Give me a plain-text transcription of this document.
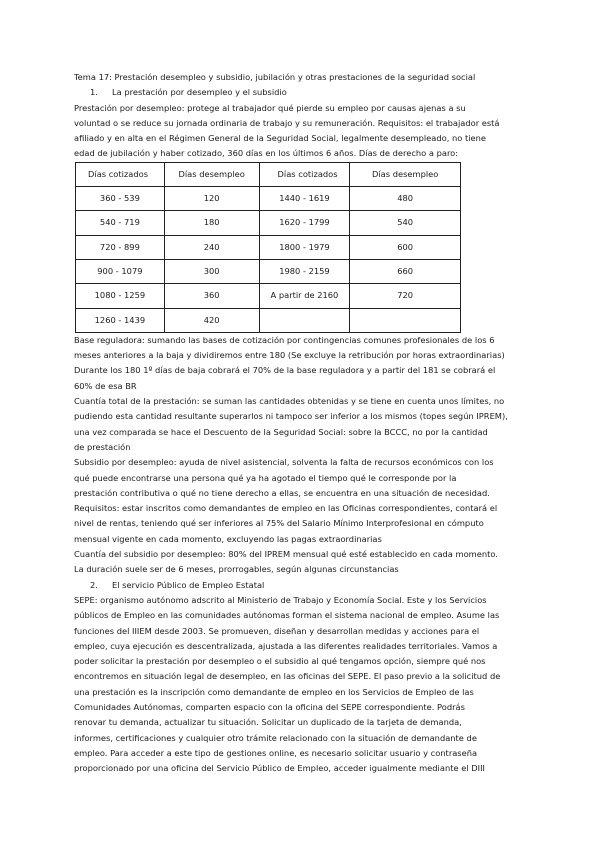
Tema 17: Prestación desempleo y subsidio, jubilación y otras prestaciones de la seguridad social
1. La prestación por desempleo y el subsidio
Prestación por desempleo: protege al trabajador qué pierde su empleo por causas ajenas a su
voluntad o se reduce su jornada ordinaria de trabajo y su remuneración. Requisitos: el trabajador está
afiliado y en alta en el Régimen General de la Seguridad Social, legalmente desempleado, no tiene
edad de jubilación y haber cotizado, 360 días en los últimos 6 años. Días de derecho a paro:
Días cotizados	Días desempleo	Días cotizados	Días desempleo
360 - 539	120	1440 - 1619	480
540 - 719	180	1620 - 1799	540
720 - 899	240	1800 - 1979	600
900 - 1079	300	1980 - 2159	660
1080 - 1259	360	A partir de 2160	720
1260 - 1439	420		
Base reguladora: sumando las bases de cotización por contingencias comunes profesionales de los 6
meses anteriores a la baja y dividiremos entre 180 (Se excluye la retribución por horas extraordinarias)
Durante los 180 1º días de baja cobrará el 70% de la base reguladora y a partir del 181 se cobrará el
60% de esa BR
Cuantía total de la prestación: se suman las cantidades obtenidas y se tiene en cuenta unos límites, no
pudiendo esta cantidad resultante superarlos ni tampoco ser inferior a los mismos (topes según IPREM),
una vez comparada se hace el Descuento de la Seguridad Social: sobre la BCCC, no por la cantidad
de prestación
Subsidio por desempleo: ayuda de nivel asistencial, solventa la falta de recursos económicos con los
qué puede encontrarse una persona qué ya ha agotado el tiempo qué le corresponde por la
prestación contributiva o qué no tiene derecho a ellas, se encuentra en una situación de necesidad.
Requisitos: estar inscritos como demandantes de empleo en las Oficinas correspondientes, contará el
nivel de rentas, teniendo qué ser inferiores al 75% del Salario Mínimo Interprofesional en cómputo
mensual vigente en cada momento, excluyendo las pagas extraordinarias
Cuantía del subsidio por desempleo: 80% del IPREM mensual qué esté establecido en cada momento.
La duración suele ser de 6 meses, prorrogables, según algunas circunstancias
2. El servicio Público de Empleo Estatal
SEPE: organismo autónomo adscrito al Ministerio de Trabajo y Economía Social. Este y los Servicios
públicos de Empleo en las comunidades autónomas forman el sistema nacional de empleo. Asume las
funciones del IIIEM desde 2003. Se promueven, diseñan y desarrollan medidas y acciones para el
empleo, cuya ejecución es descentralizada, ajustada a las diferentes realidades territoriales. Vamos a
poder solicitar la prestación por desempleo o el subsidio al qué tengamos opción, siempre qué nos
encontremos en situación legal de desempleo, en las oficinas del SEPE. El paso previo a la solicitud de
una prestación es la inscripción como demandante de empleo en los Servicios de Empleo de las
Comunidades Autónomas, comparten espacio con la oficina del SEPE correspondiente. Podrás
renovar tu demanda, actualizar tu situación. Solicitar un duplicado de la tarjeta de demanda,
informes, certificaciones y cualquier otro trámite relacionado con la situación de demandante de
empleo. Para acceder a este tipo de gestiones online, es necesario solicitar usuario y contraseña
proporcionado por una oficina del Servicio Público de Empleo, acceder igualmente mediante el DIII
